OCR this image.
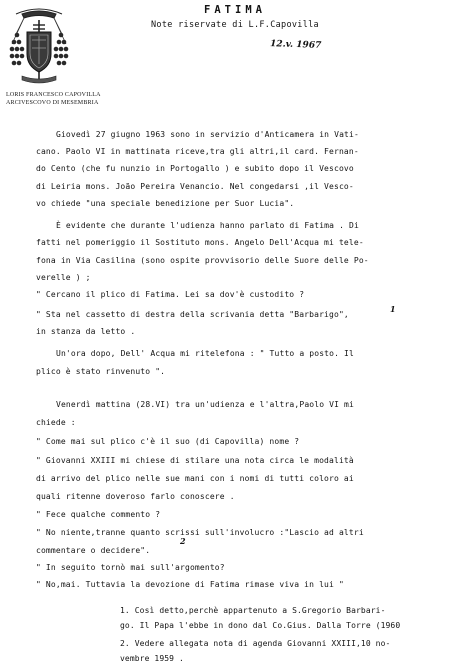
FATIMA
Note riservate di L.F.Capovilla
12.v. 1967
LORIS FRANCESCO CAPOVILLA
ARCIVESCOVO DI MESEMBRIA
Giovedì 27 giugno 1963 sono in servizio d'Anticamera in Vati-
cano. Paolo VI in mattinata riceve,tra gli altri,il card. Fernan-
do Cento (che fu nunzio in Portogallo ) e subito dopo il Vescovo
di Leiria mons. João Pereira Venancio. Nel congedarsi ,il Vesco-
vo chiede "una speciale benedizione per Suor Lucia".
È evidente che durante l'udienza hanno parlato di Fatima . Di
fatti nel pomeriggio il Sostituto mons. Angelo Dell'Acqua mi tele-
fona in Via Casilina (sono ospite provvisorio delle Suore delle Po-
verelle ) ;
" Cercano il plico di Fatima. Lei sa dov'è custodito ?
" Sta nel cassetto di destra della scrivania detta "Barbarigo",
1
in stanza da letto .
Un'ora dopo, Dell' Acqua mi ritelefona : " Tutto a posto. Il
plico è stato rinvenuto ".
Venerdì mattina (28.VI) tra un'udienza e l'altra,Paolo VI mi
chiede :
" Come mai sul plico c'è il suo (di Capovilla) nome ?
" Giovanni XXIII mi chiese di stilare una nota circa le modalità
di arrivo del plico nelle sue mani con i nomi di tutti coloro ai
quali ritenne doveroso farlo conoscere .
" Fece qualche commento ?
" No niente,tranne quanto scrissi sull'involucro :"Lascio ad altri
commentare o decidere".
2
" In seguito tornò mai sull'argomento?
" No,mai. Tuttavia la devozione di Fatima rimase viva in lui "
1. Così detto,perchè appartenuto a S.Gregorio Barbari-
go. Il Papa l'ebbe in dono dal Co.Gius. Dalla Torre (1960
2. Vedere allegata nota di agenda Giovanni XXIII,10 no-
vembre 1959 .
